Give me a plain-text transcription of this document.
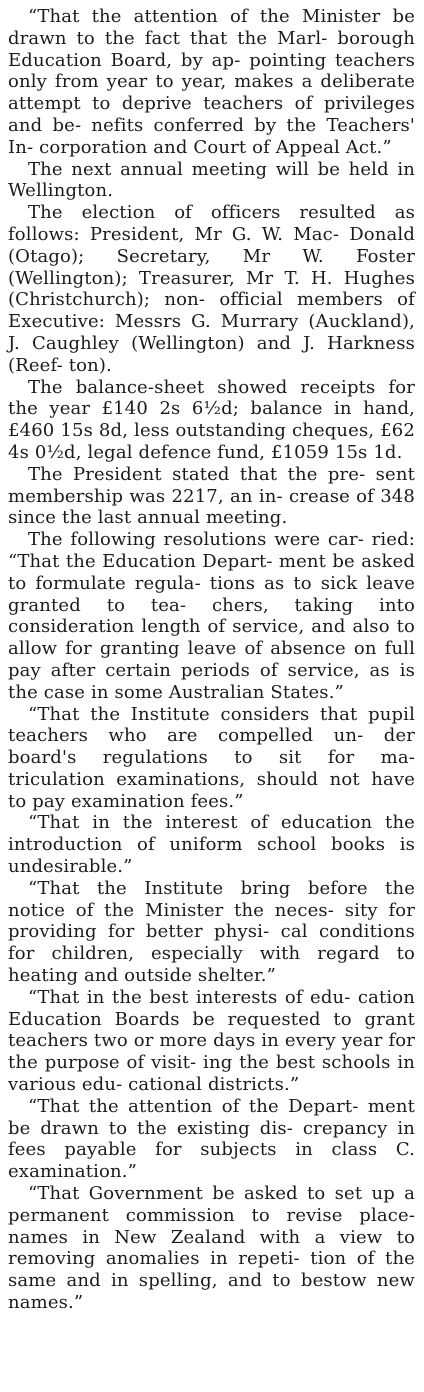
“That the attention of the Minister be drawn to the fact that the Marl- borough Education Board, by ap- pointing teachers only from year to year, makes a deliberate attempt to deprive teachers of privileges and be- nefits conferred by the Teachers' In- corporation and Court of Appeal Act.”

The next annual meeting will be held in Wellington.

The election of officers resulted as follows: President, Mr G. W. Mac- Donald (Otago); Secretary, Mr W. Foster (Wellington); Treasurer, Mr T. H. Hughes (Christchurch); non- official members of Executive: Messrs G. Murrary (Auckland), J. Caughley (Wellington) and J. Harkness (Reef- ton).

The balance-sheet showed receipts for the year £140 2s 6½d; balance in hand, £460 15s 8d, less outstanding cheques, £62 4s 0½d, legal defence fund, £1059 15s 1d.

The President stated that the pre- sent membership was 2217, an in- crease of 348 since the last annual meeting.

The following resolutions were car- ried: “That the Education Depart- ment be asked to formulate regula- tions as to sick leave granted to tea- chers, taking into consideration length of service, and also to allow for granting leave of absence on full pay after certain periods of service, as is the case in some Australian States.”

“That the Institute considers that pupil teachers who are compelled un- der board's regulations to sit for ma- triculation examinations, should not have to pay examination fees.”

“That in the interest of education the introduction of uniform school books is undesirable.”

“That the Institute bring before the notice of the Minister the neces- sity for providing for better physi- cal conditions for children, especially with regard to heating and outside shelter.”

“That in the best interests of edu- cation Education Boards be requested to grant teachers two or more days in every year for the purpose of visit- ing the best schools in various edu- cational districts.”

“That the attention of the Depart- ment be drawn to the existing dis- crepancy in fees payable for subjects in class C. examination.”

“That Government be asked to set up a permanent commission to revise place-names in New Zealand with a view to removing anomalies in repeti- tion of the same and in spelling, and to bestow new names.”
